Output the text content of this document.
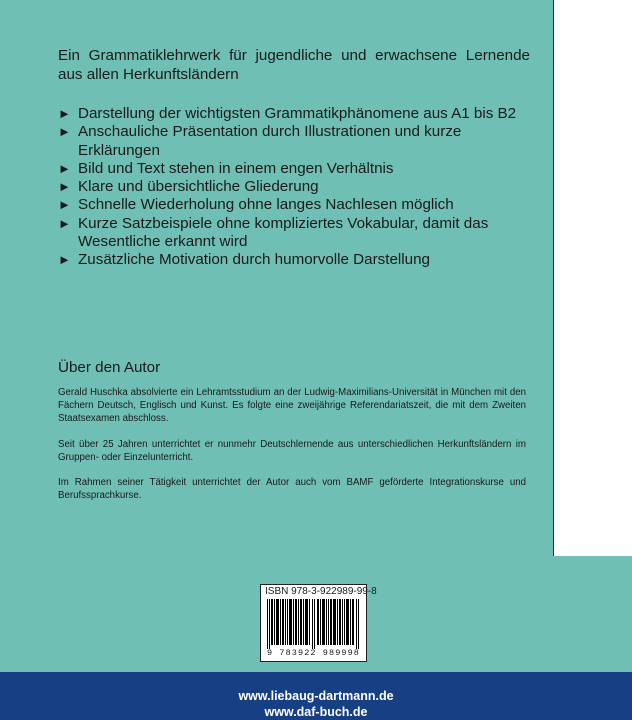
Ein Grammatiklehrwerk für jugendliche und erwachsene Lernende aus allen Herkunftsländern

► Darstellung der wichtigsten Grammatikphänomene aus A1 bis B2
► Anschauliche Präsentation durch Illustrationen und kurze Erklärungen
► Bild und Text stehen in einem engen Verhältnis
► Klare und übersichtliche Gliederung
► Schnelle Wiederholung ohne langes Nachlesen möglich
► Kurze Satzbeispiele ohne kompliziertes Vokabular, damit das Wesentliche erkannt wird
► Zusätzliche Motivation durch humorvolle Darstellung
Über den Autor

Gerald Huschka absolvierte ein Lehramtsstudium an der Ludwig-Maximilians-Universität in München mit den Fächern Deutsch, Englisch und Kunst. Es folgte eine zweijährige Referendariatszeit, die mit dem Zweiten Staatsexamen abschloss.

Seit über 25 Jahren unterrichtet er nunmehr Deutschlernende aus unterschiedlichen Herkunftsländern im Gruppen- oder Einzelunterricht.

Im Rahmen seiner Tätigkeit unterrichtet der Autor auch vom BAMF geförderte Integrationskurse und Berufssprachkurse.

ISBN 978-3-922989-99-8
9 783922 989998
www.liebaug-dartmann.de
www.daf-buch.de
